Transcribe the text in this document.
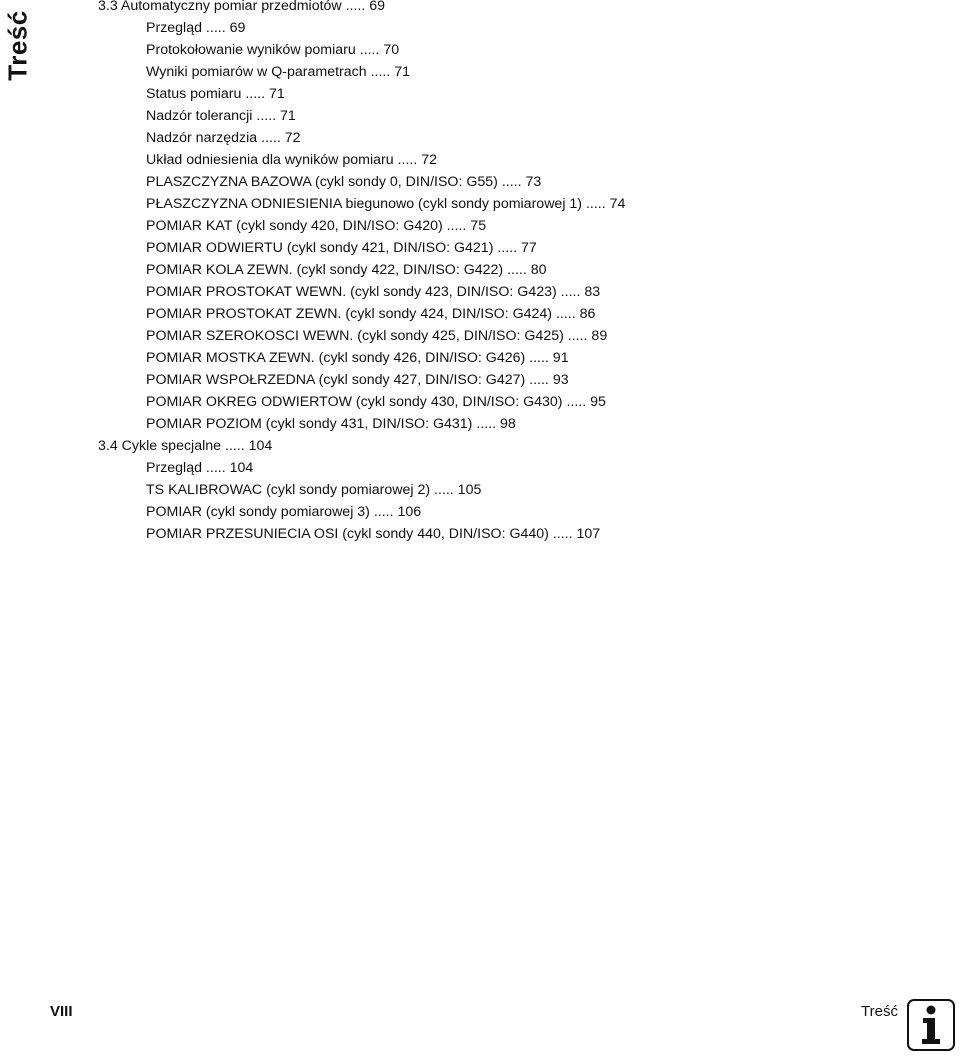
Treść
3.3 Automatyczny pomiar przedmiotów ..... 69
Przegląd ..... 69
Protokołowanie wyników pomiaru ..... 70
Wyniki pomiarów w Q-parametrach ..... 71
Status pomiaru ..... 71
Nadzór tolerancji ..... 71
Nadzór narzędzia ..... 72
Układ odniesienia dla wyników pomiaru ..... 72
PLASZCZYZNA BAZOWA (cykl sondy 0, DIN/ISO: G55) ..... 73
PŁASZCZYZNA ODNIESIENIA biegunowo (cykl sondy pomiarowej 1) ..... 74
POMIAR KAT (cykl sondy 420, DIN/ISO: G420) ..... 75
POMIAR ODWIERTU (cykl sondy 421, DIN/ISO: G421) ..... 77
POMIAR KOLA ZEWN. (cykl sondy 422, DIN/ISO: G422) ..... 80
POMIAR PROSTOKAT WEWN. (cykl sondy 423, DIN/ISO: G423) ..... 83
POMIAR PROSTOKAT ZEWN. (cykl sondy 424, DIN/ISO: G424) ..... 86
POMIAR SZEROKOSCI WEWN. (cykl sondy 425, DIN/ISO: G425) ..... 89
POMIAR MOSTKA ZEWN. (cykl sondy 426, DIN/ISO: G426) ..... 91
POMIAR WSPOŁRZEDNA (cykl sondy 427, DIN/ISO: G427) ..... 93
POMIAR OKREG ODWIERTOW (cykl sondy 430, DIN/ISO: G430) ..... 95
POMIAR POZIOM (cykl sondy 431, DIN/ISO: G431) ..... 98
3.4 Cykle specjalne ..... 104
Przegląd ..... 104
TS KALIBROWAC (cykl sondy pomiarowej 2) ..... 105
POMIAR (cykl sondy pomiarowej 3) ..... 106
POMIAR PRZESUNIECIA OSI (cykl sondy 440, DIN/ISO: G440) ..... 107
VIII	Treść
